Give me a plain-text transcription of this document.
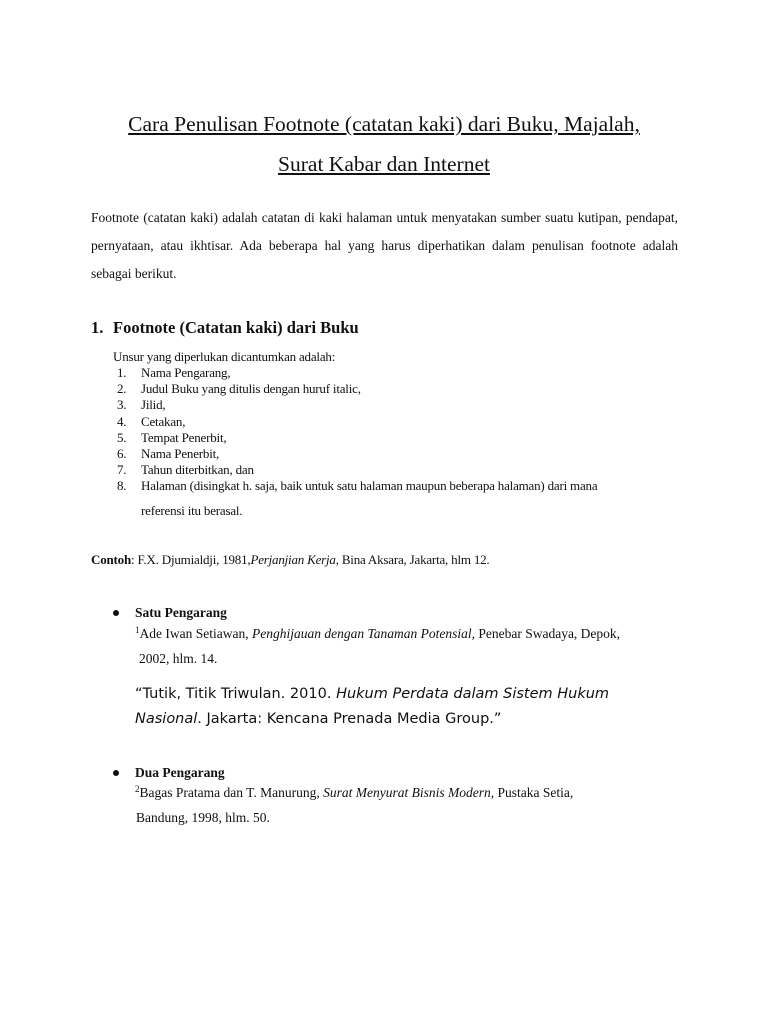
Cara Penulisan Footnote (catatan kaki) dari Buku, Majalah,
Surat Kabar dan Internet

Footnote (catatan kaki) adalah catatan di kaki halaman untuk menyatakan sumber suatu kutipan, pendapat, pernyataan, atau ikhtisar. Ada beberapa hal yang harus diperhatikan dalam penulisan footnote adalah sebagai berikut.

1. Footnote (Catatan kaki) dari Buku
Unsur yang diperlukan dicantumkan adalah:
1. Nama Pengarang,
2. Judul Buku yang ditulis dengan huruf italic,
3. Jilid,
4. Cetakan,
5. Tempat Penerbit,
6. Nama Penerbit,
7. Tahun diterbitkan, dan
8. Halaman (disingkat h. saja, baik untuk satu halaman maupun beberapa halaman) dari mana
referensi itu berasal.
Contoh: F.X. Djumialdji, 1981,Perjanjian Kerja, Bina Aksara, Jakarta, hlm 12.
Satu Pengarang
$^1$Ade Iwan Setiawan, Penghijauan dengan Tanaman Potensial, Penebar Swadaya, Depok,
2002, hlm. 14.

“Tutik, Titik Triwulan. 2010. Hukum Perdata dalam Sistem Hukum
Nasional. Jakarta: Kencana Prenada Media Group.”

Dua Pengarang
$^2$Bagas Pratama dan T. Manurung, Surat Menyurat Bisnis Modern, Pustaka Setia,
Bandung, 1998, hlm. 50.
